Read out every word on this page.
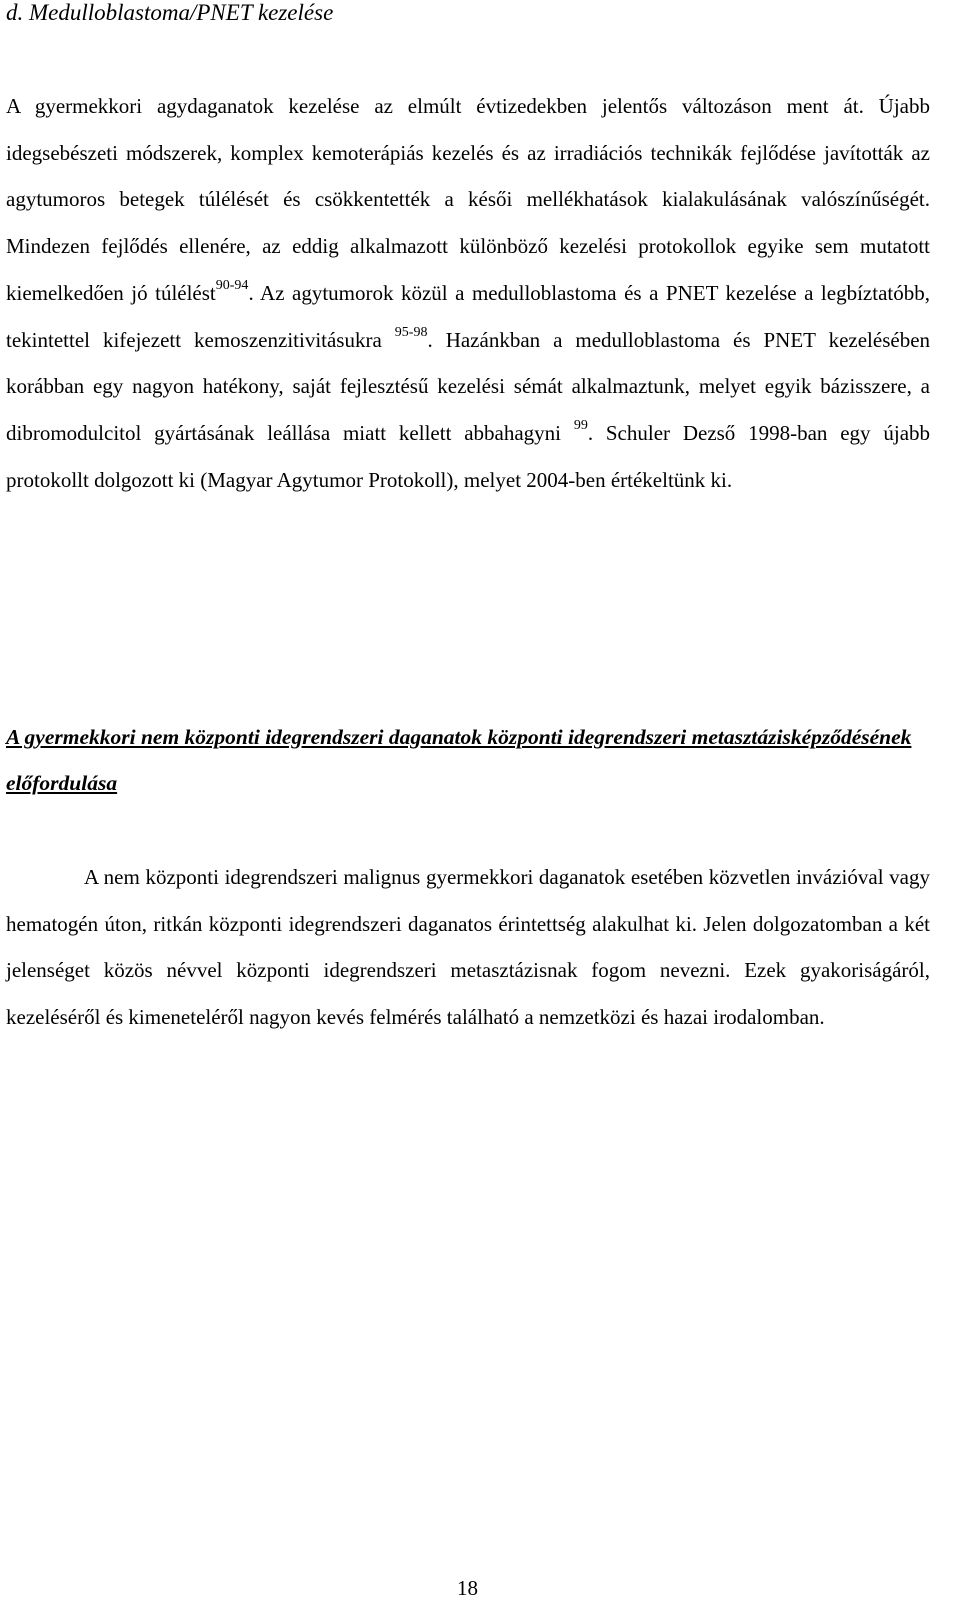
d. Medulloblastoma/PNET kezelése
A gyermekkori agydaganatok kezelése az elmúlt évtizedekben jelentős változáson ment át. Újabb idegsebészeti módszerek, komplex kemoterápiás kezelés és az irradiációs technikák fejlődése javították az agytumoros betegek túlélését és csökkentették a késői mellékhatások kialakulásának valószínűségét. Mindezen fejlődés ellenére, az eddig alkalmazott különböző kezelési protokollok egyike sem mutatott kiemelkedően jó túlélést$^{90-94}$. Az agytumorok közül a medulloblastoma és a PNET kezelése a legbíztatóbb, tekintettel kifejezett kemoszenzitivitásukra $^{95-98}$. Hazánkban a medulloblastoma és PNET kezelésében korábban egy nagyon hatékony, saját fejlesztésű kezelési sémát alkalmaztunk, melyet egyik bázisszere, a dibromodulcitol gyártásának leállása miatt kellett abbahagyni $^{99}$. Schuler Dezső 1998-ban egy újabb protokollt dolgozott ki (Magyar Agytumor Protokoll), melyet 2004-ben értékeltünk ki.
A gyermekkori nem központi idegrendszeri daganatok központi idegrendszeri metasztázisképződésének előfordulása
A nem központi idegrendszeri malignus gyermekkori daganatok esetében közvetlen invázióval vagy hematogén úton, ritkán központi idegrendszeri daganatos érintettség alakulhat ki. Jelen dolgozatomban a két jelenséget közös névvel központi idegrendszeri metasztázisnak fogom nevezni. Ezek gyakoriságáról, kezeléséről és kimeneteléről nagyon kevés felmérés található a nemzetközi és hazai irodalomban.
18
